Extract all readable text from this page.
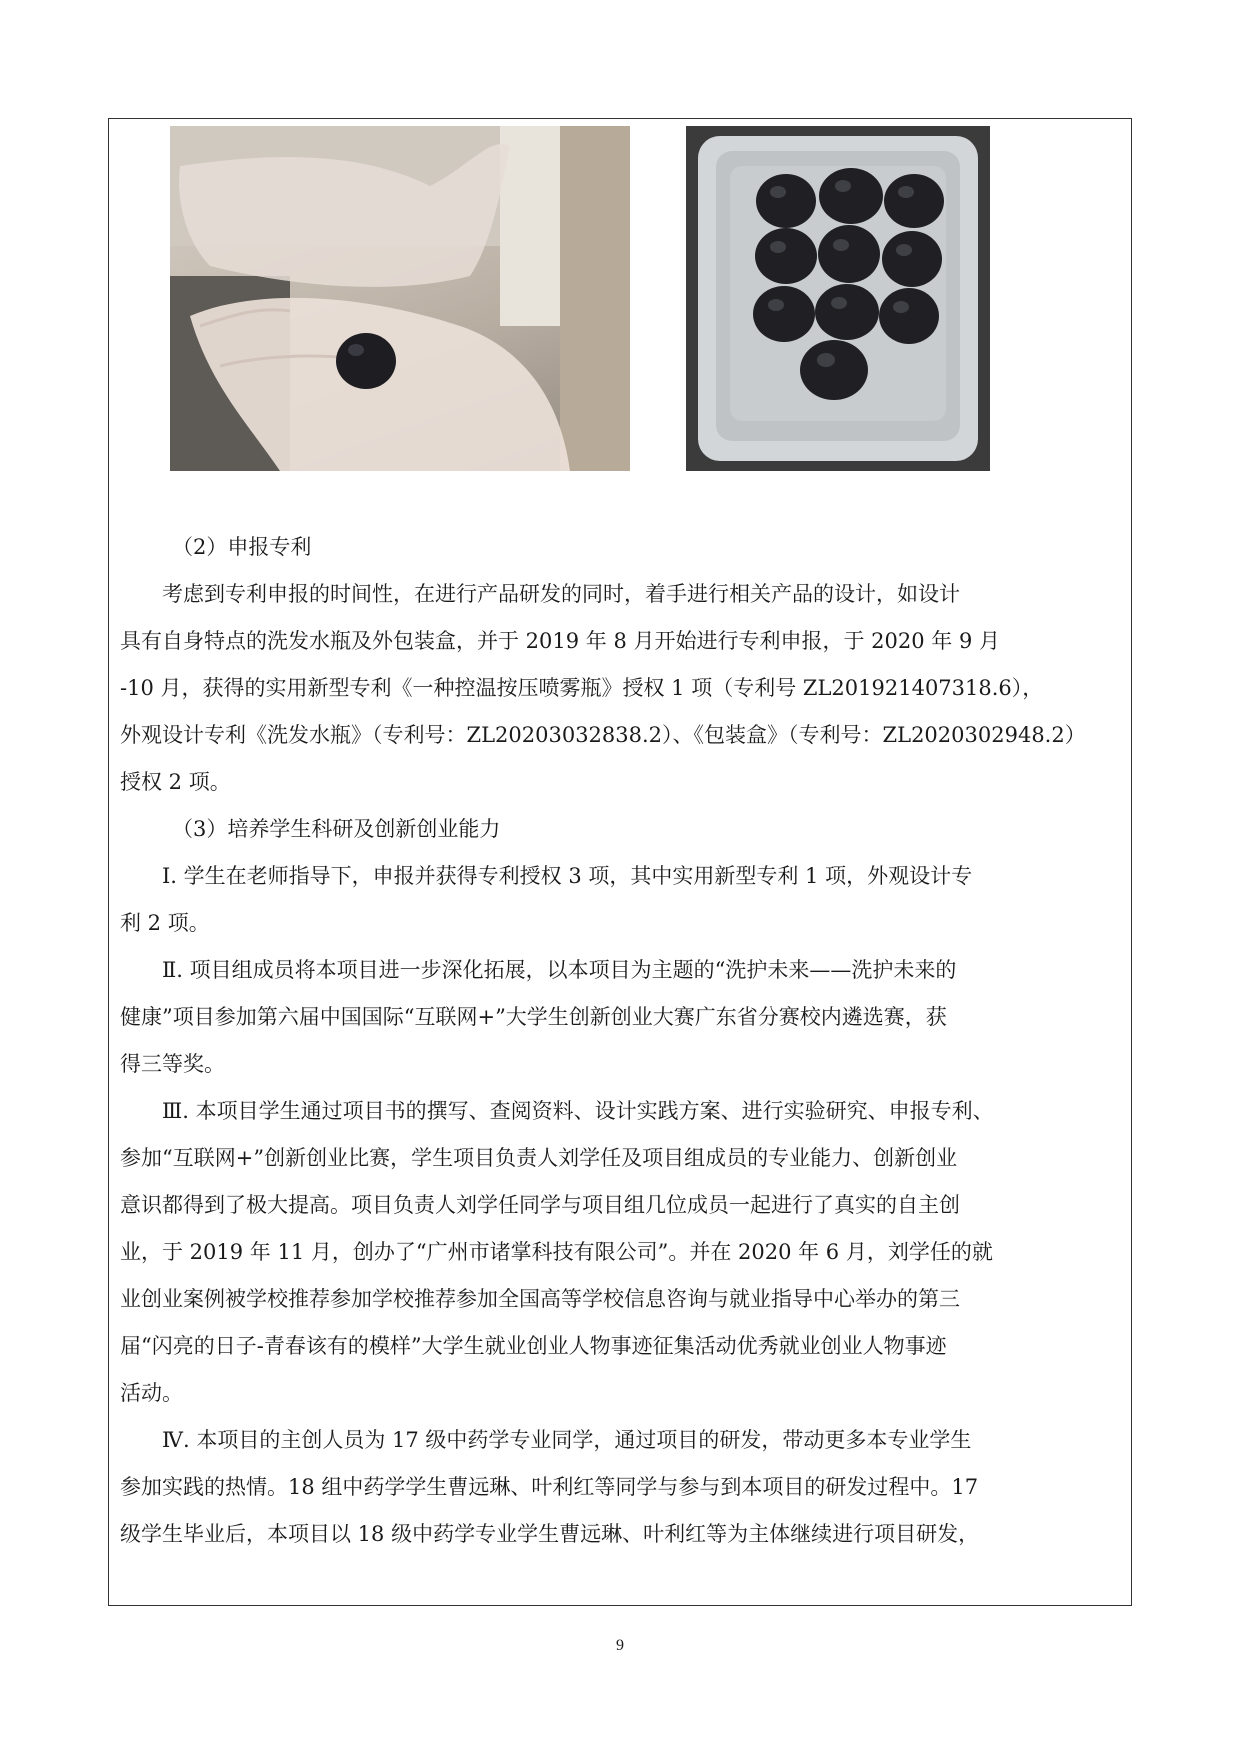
（2）申报专利

考虑到专利申报的时间性，在进行产品研发的同时，着手进行相关产品的设计，如设计

具有自身特点的洗发水瓶及外包装盒，并于 2019 年 8 月开始进行专利申报，于 2020 年 9 月

-10 月，获得的实用新型专利《一种控温按压喷雾瓶》授权 1 项（专利号 ZL201921407318.6），

外观设计专利《洗发水瓶》（专利号：ZL20203032838.2）、《包装盒》（专利号：ZL2020302948.2）

授权 2 项。

（3）培养学生科研及创新创业能力

Ⅰ. 学生在老师指导下，申报并获得专利授权 3 项，其中实用新型专利 1 项，外观设计专

利 2 项。

Ⅱ. 项目组成员将本项目进一步深化拓展，以本项目为主题的“洗护未来——洗护未来的

健康”项目参加第六届中国国际“互联网+”大学生创新创业大赛广东省分赛校内遴选赛，获

得三等奖。

Ⅲ. 本项目学生通过项目书的撰写、查阅资料、设计实践方案、进行实验研究、申报专利、

参加“互联网+”创新创业比赛，学生项目负责人刘学任及项目组成员的专业能力、创新创业

意识都得到了极大提高。项目负责人刘学任同学与项目组几位成员一起进行了真实的自主创

业，于 2019 年 11 月，创办了“广州市诸掌科技有限公司”。并在 2020 年 6 月，刘学任的就

业创业案例被学校推荐参加学校推荐参加全国高等学校信息咨询与就业指导中心举办的第三

届“闪亮的日子-青春该有的模样”大学生就业创业人物事迹征集活动优秀就业创业人物事迹

活动。

Ⅳ. 本项目的主创人员为 17 级中药学专业同学，通过项目的研发，带动更多本专业学生

参加实践的热情。18 组中药学学生曹远琳、叶利红等同学与参与到本项目的研发过程中。17

级学生毕业后，本项目以 18 级中药学专业学生曹远琳、叶利红等为主体继续进行项目研发，

9
